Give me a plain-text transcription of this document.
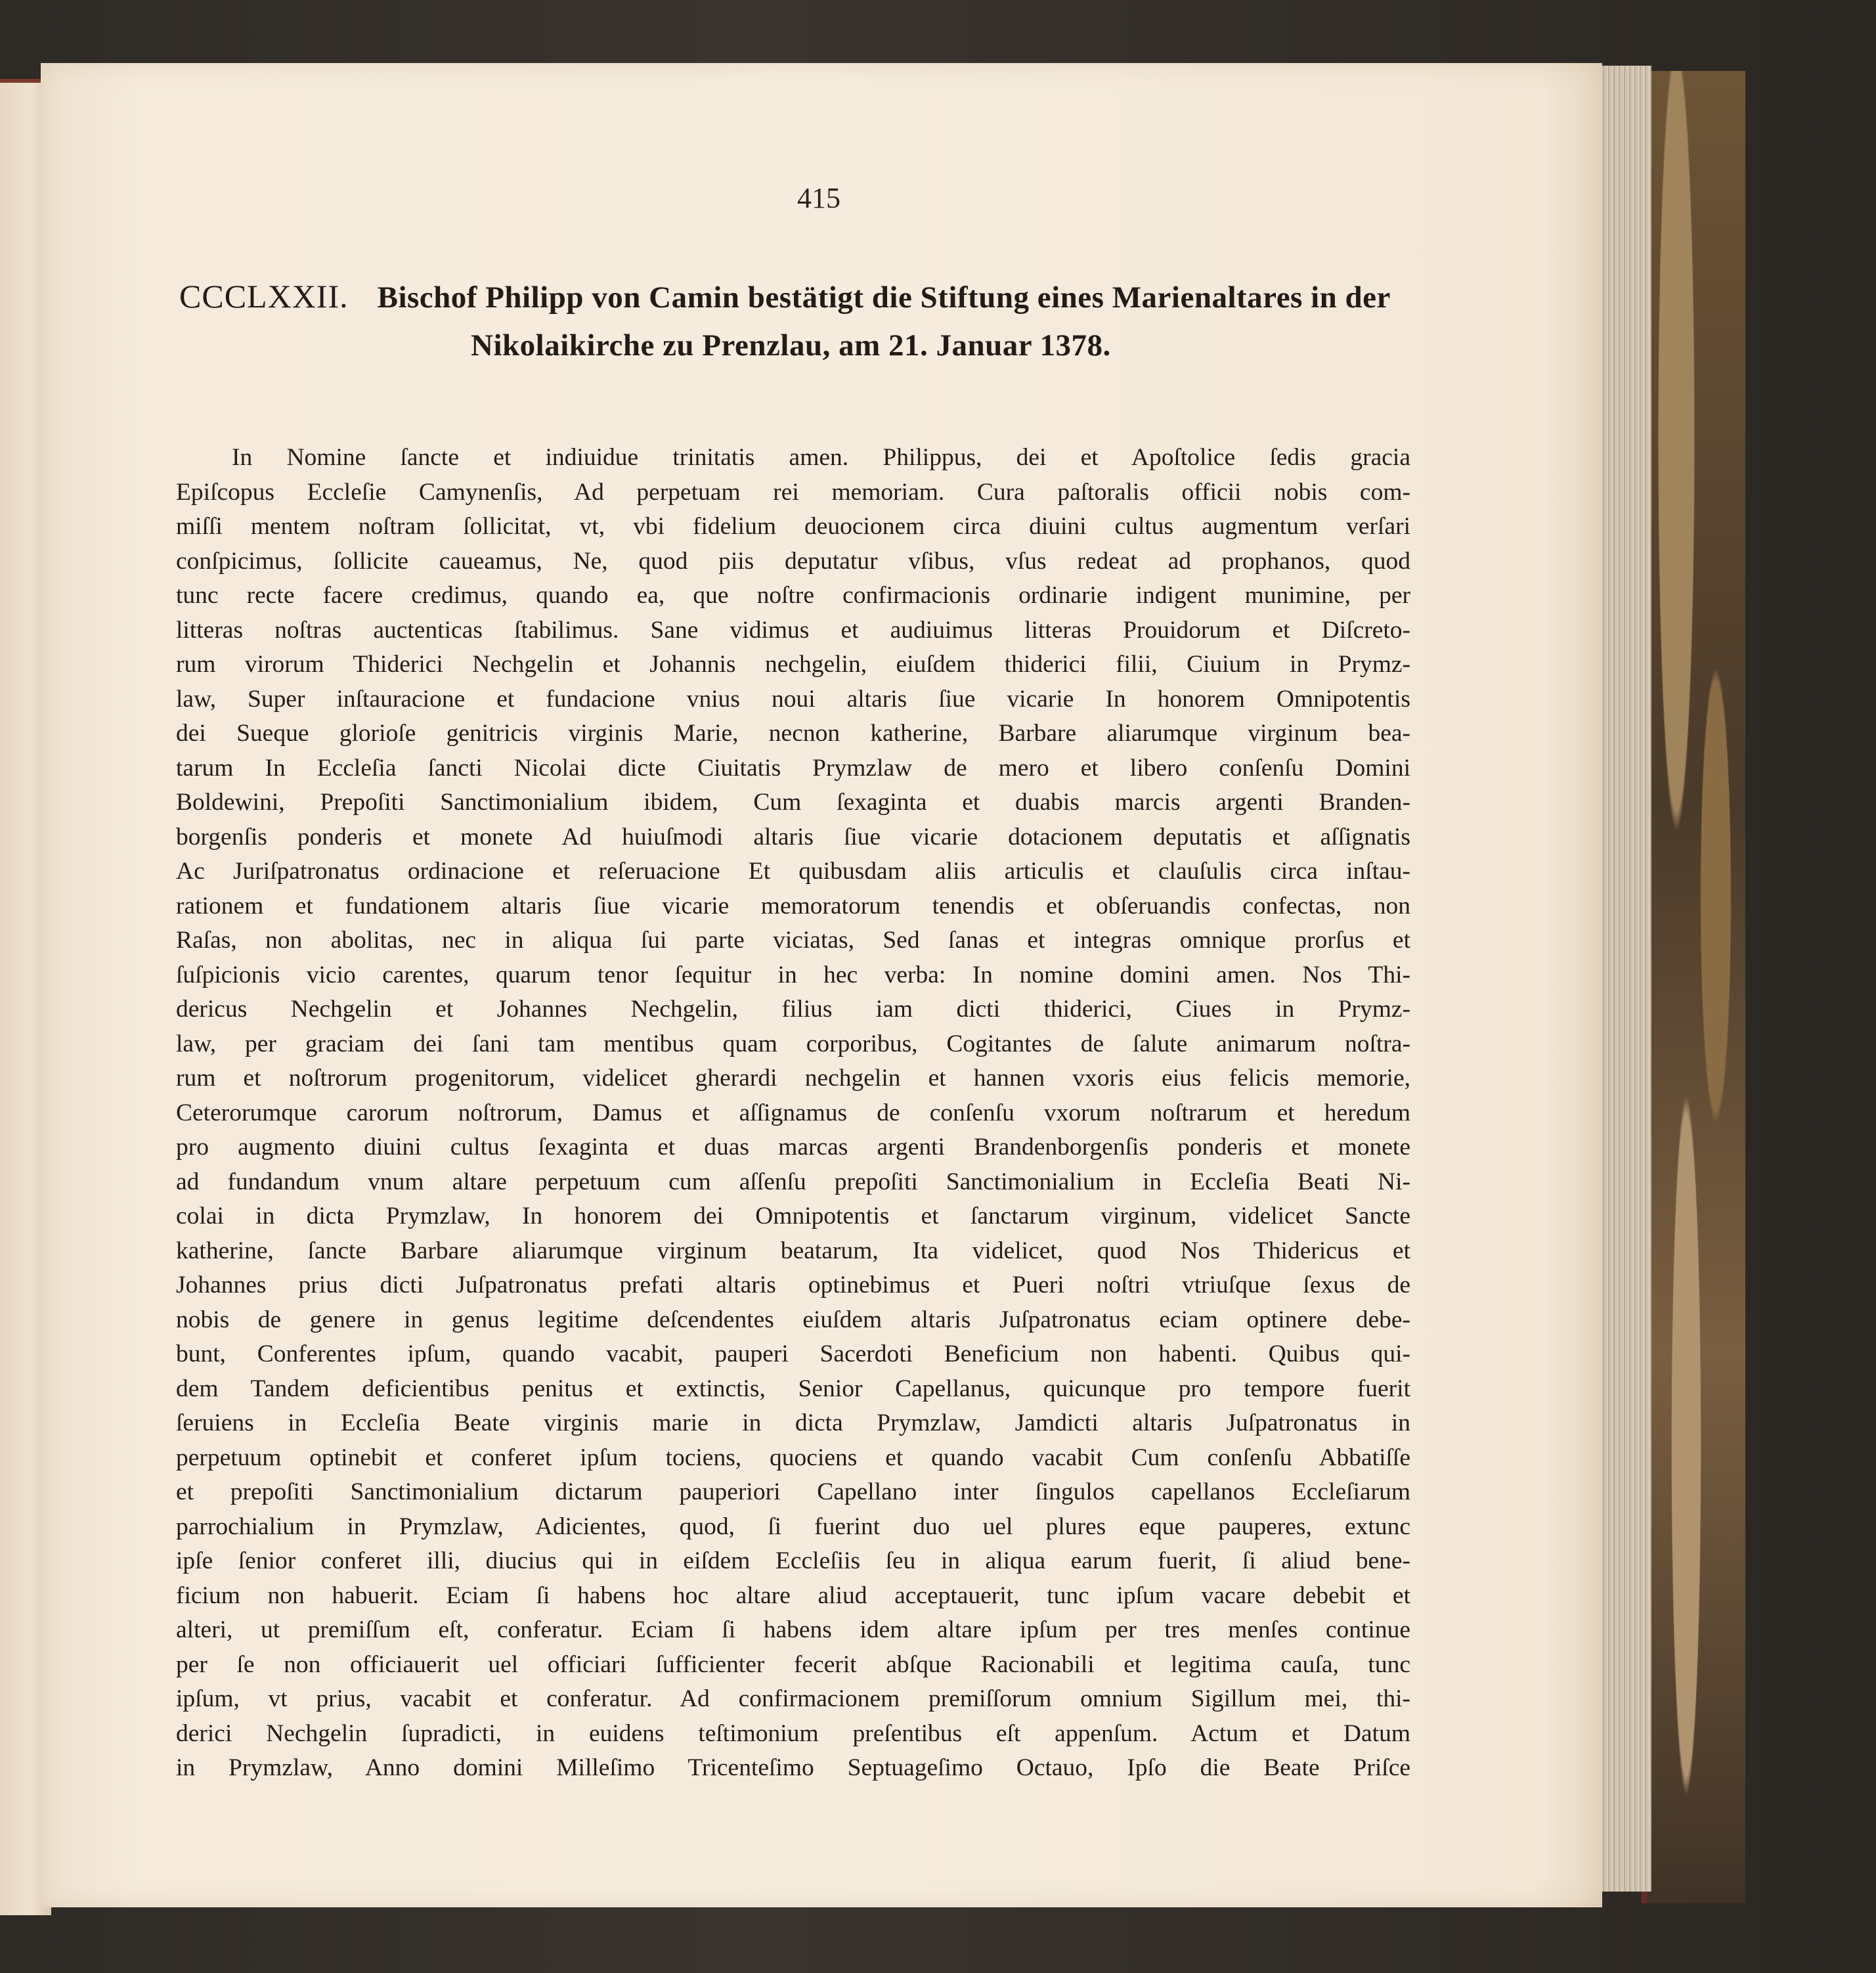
415
CCCLXXII. Bischof Philipp von Camin bestätigt die Stiftung eines Marienaltares in der
Nikolaikirche zu Prenzlau, am 21. Januar 1378.
In Nomine ſancte et indiuidue trinitatis amen. Philippus, dei et Apoſtolice ſedis gracia
Epiſcopus Eccleſie Camynenſis, Ad perpetuam rei memoriam. Cura paſtoralis officii nobis com-
miſſi mentem noſtram ſollicitat, vt, vbi fidelium deuocionem circa diuini cultus augmentum verſari
conſpicimus, ſollicite caueamus, Ne, quod piis deputatur vſibus, vſus redeat ad prophanos, quod
tunc recte facere credimus, quando ea, que noſtre confirmacionis ordinarie indigent munimine, per
litteras noſtras auctenticas ſtabilimus. Sane vidimus et audiuimus litteras Prouidorum et Diſcreto-
rum virorum Thiderici Nechgelin et Johannis nechgelin, eiuſdem thiderici filii, Ciuium in Prymz-
law, Super inſtauracione et fundacione vnius noui altaris ſiue vicarie In honorem Omnipotentis
dei Sueque glorioſe genitricis virginis Marie, necnon katherine, Barbare aliarumque virginum bea-
tarum In Eccleſia ſancti Nicolai dicte Ciuitatis Prymzlaw de mero et libero conſenſu Domini
Boldewini, Prepoſiti Sanctimonialium ibidem, Cum ſexaginta et duabis marcis argenti Branden-
borgenſis ponderis et monete Ad huiuſmodi altaris ſiue vicarie dotacionem deputatis et aſſignatis
Ac Juriſpatronatus ordinacione et reſeruacione Et quibusdam aliis articulis et clauſulis circa inſtau-
rationem et fundationem altaris ſiue vicarie memoratorum tenendis et obſeruandis confectas, non
Raſas, non abolitas, nec in aliqua ſui parte viciatas, Sed ſanas et integras omnique prorſus et
ſuſpicionis vicio carentes, quarum tenor ſequitur in hec verba: In nomine domini amen. Nos Thi-
dericus Nechgelin et Johannes Nechgelin, filius iam dicti thiderici, Ciues in Prymz-
law, per graciam dei ſani tam mentibus quam corporibus, Cogitantes de ſalute animarum noſtra-
rum et noſtrorum progenitorum, videlicet gherardi nechgelin et hannen vxoris eius felicis memorie,
Ceterorumque carorum noſtrorum, Damus et aſſignamus de conſenſu vxorum noſtrarum et heredum
pro augmento diuini cultus ſexaginta et duas marcas argenti Brandenborgenſis ponderis et monete
ad fundandum vnum altare perpetuum cum aſſenſu prepoſiti Sanctimonialium in Eccleſia Beati Ni-
colai in dicta Prymzlaw, In honorem dei Omnipotentis et ſanctarum virginum, videlicet Sancte
katherine, ſancte Barbare aliarumque virginum beatarum, Ita videlicet, quod Nos Thidericus et
Johannes prius dicti Juſpatronatus prefati altaris optinebimus et Pueri noſtri vtriuſque ſexus de
nobis de genere in genus legitime deſcendentes eiuſdem altaris Juſpatronatus eciam optinere debe-
bunt, Conferentes ipſum, quando vacabit, pauperi Sacerdoti Beneficium non habenti. Quibus qui-
dem Tandem deficientibus penitus et extinctis, Senior Capellanus, quicunque pro tempore fuerit
ſeruiens in Eccleſia Beate virginis marie in dicta Prymzlaw, Jamdicti altaris Juſpatronatus in
perpetuum optinebit et conferet ipſum tociens, quociens et quando vacabit Cum conſenſu Abbatiſſe
et prepoſiti Sanctimonialium dictarum pauperiori Capellano inter ſingulos capellanos Eccleſiarum
parrochialium in Prymzlaw, Adicientes, quod, ſi fuerint duo uel plures eque pauperes, extunc
ipſe ſenior conferet illi, diucius qui in eiſdem Eccleſiis ſeu in aliqua earum fuerit, ſi aliud bene-
ficium non habuerit. Eciam ſi habens hoc altare aliud acceptauerit, tunc ipſum vacare debebit et
alteri, ut premiſſum eſt, conferatur. Eciam ſi habens idem altare ipſum per tres menſes continue
per ſe non officiauerit uel officiari ſufficienter fecerit abſque Racionabili et legitima cauſa, tunc
ipſum, vt prius, vacabit et conferatur. Ad confirmacionem premiſſorum omnium Sigillum mei, thi-
derici Nechgelin ſupradicti, in euidens teſtimonium preſentibus eſt appenſum. Actum et Datum
in Prymzlaw, Anno domini Milleſimo Tricenteſimo Septuageſimo Octauo, Ipſo die Beate Priſce
